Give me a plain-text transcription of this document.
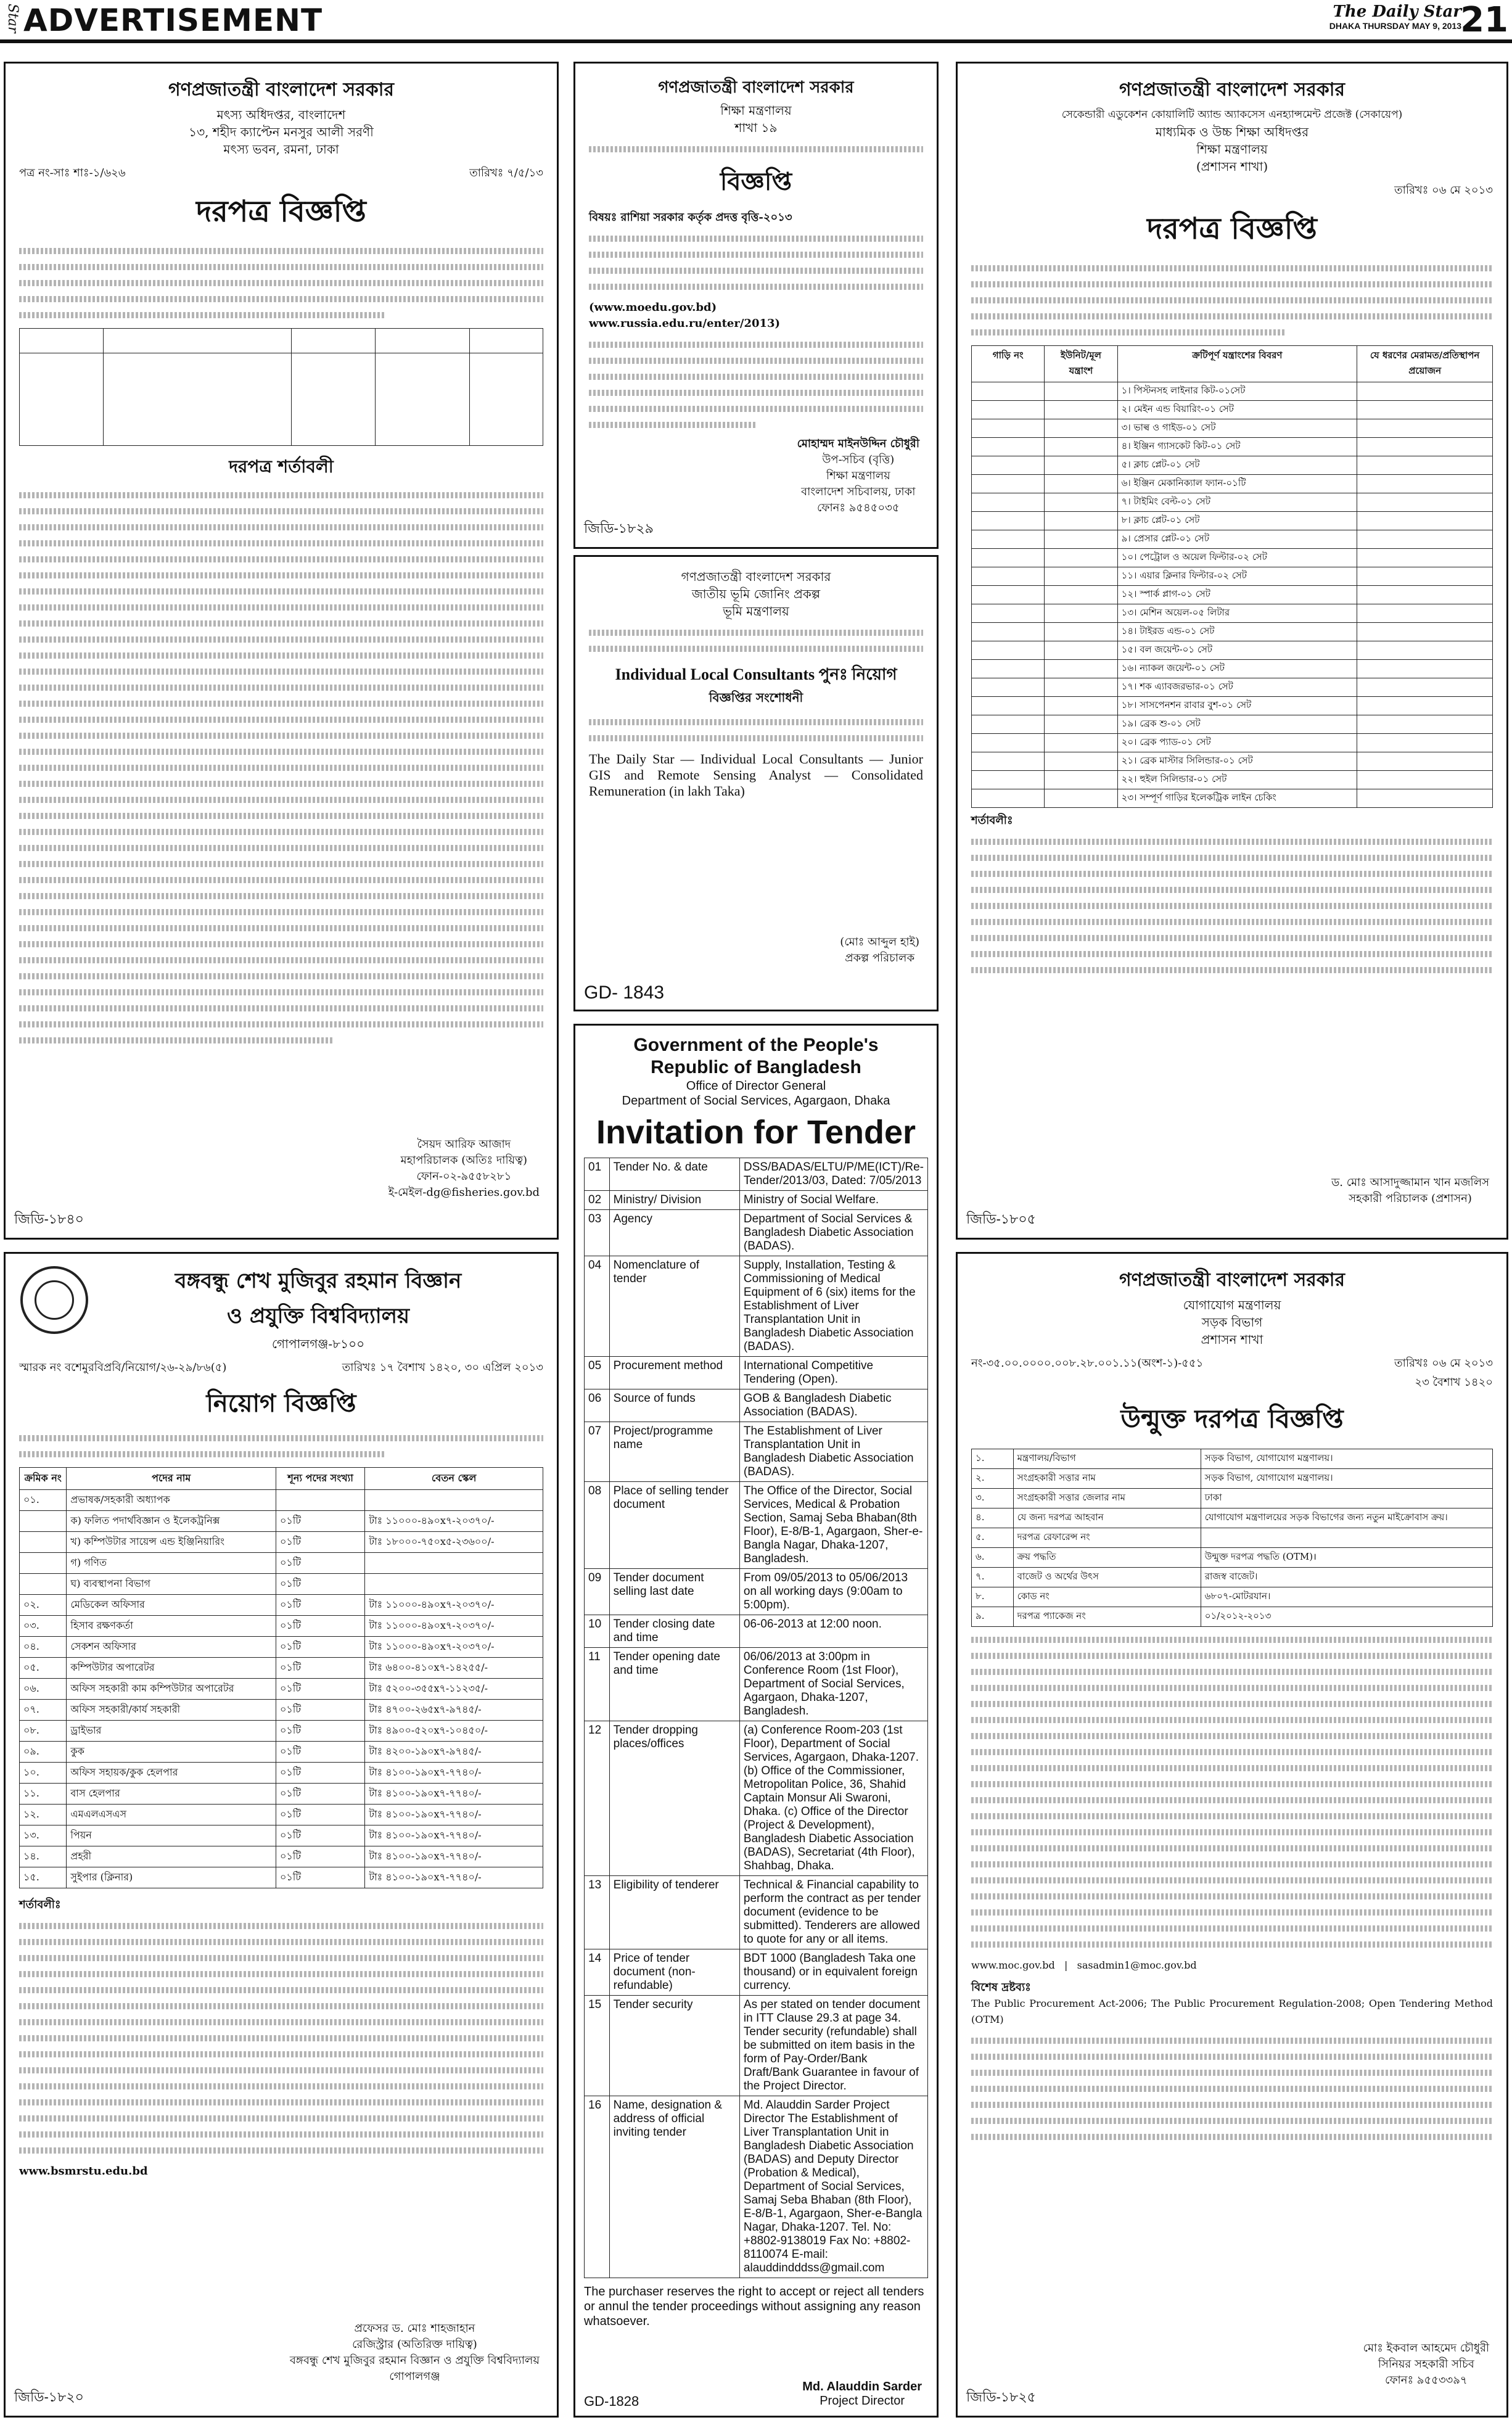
Star ADVERTISEMENT	The Daily Star
DHAKA THURSDAY MAY 9, 2013
21
গণপ্রজাতন্ত্রী বাংলাদেশ সরকার
মৎস্য অধিদপ্তর, বাংলাদেশ
১৩, শহীদ ক্যাপ্টেন মনসুর আলী সরণী
মৎস্য ভবন, রমনা, ঢাকা
পত্র নং-সাঃ শাঃ-১/৬২৬	তারিখঃ ৭/৫/১৩
দরপত্র বিজ্ঞপ্তি

দরপত্র শর্তাবলী
সৈয়দ আরিফ আজাদ
মহাপরিচালক (অতিঃ দায়িত্ব)
ফোন-০২-৯৫৫৮২৮১
ই-মেইল-dg@fisheries.gov.bd
জিডি-১৮৪০
গণপ্রজাতন্ত্রী বাংলাদেশ সরকার
শিক্ষা মন্ত্রণালয়
শাখা ১৯
বিজ্ঞপ্তি
বিষয়ঃ রাশিয়া সরকার কর্তৃক প্রদত্ত বৃত্তি-২০১৩
(www.moedu.gov.bd)
www.russia.edu.ru/enter/2013)
মোহাম্মদ মাইনউদ্দিন চৌধুরী
উপ-সচিব (বৃত্তি)
শিক্ষা মন্ত্রণালয়
বাংলাদেশ সচিবালয়, ঢাকা
ফোনঃ ৯৫৪৫০৩৫
জিডি-১৮২৯
গণপ্রজাতন্ত্রী বাংলাদেশ সরকার
জাতীয় ভূমি জোনিং প্রকল্প
ভূমি মন্ত্রণালয়
Individual Local Consultants পুনঃ নিয়োগ
বিজ্ঞপ্তির সংশোধনী
The Daily Star — Individual Local Consultants — Junior GIS and Remote Sensing Analyst — Consolidated Remuneration (in lakh Taka)
(মোঃ আব্দুল হাই)
প্রকল্প পরিচালক
GD- 1843
গণপ্রজাতন্ত্রী বাংলাদেশ সরকার
সেকেন্ডারী এডুকেশন কোয়ালিটি অ্যান্ড অ্যাকসেস এনহ্যান্সমেন্ট প্রজেক্ট (সেকায়েপ)
মাধ্যমিক ও উচ্চ শিক্ষা অধিদপ্তর
শিক্ষা মন্ত্রণালয়
(প্রশাসন শাখা)
তারিখঃ ০৬ মে ২০১৩
দরপত্র বিজ্ঞপ্তি
গাড়ি নং	ইউনিট/মূল যন্ত্রাংশ	ক্রটিপূর্ণ যন্ত্রাংশের বিবরণ	যে ধরণের মেরামত/প্রতিস্থাপন প্রয়োজন
		১। পিস্টনসহ লাইনার কিট-০১সেট	
		২। মেইন এন্ড বিয়ারিং-০১ সেট	
		৩। ভাল্ব ও গাইড-০১ সেট	
		৪। ইঞ্জিন গ্যাসকেট কিট-০১ সেট	
		৫। ক্লাচ প্লেট-০১ সেট	
		৬। ইঞ্জিন মেকানিক্যাল ফ্যান-০১টি	
		৭। টাইমিং বেল্ট-০১ সেট	
		৮। ক্লাচ প্লেট-০১ সেট	
		৯। প্রেসার প্লেট-০১ সেট	
		১০। পেট্রোল ও অয়েল ফিল্টার-০২ সেট	
		১১। এয়ার ক্লিনার ফিল্টার-০২ সেট	
		১২। স্পার্ক প্লাগ-০১ সেট	
		১৩। মেশিন অয়েল-০৫ লিটার	
		১৪। টাইরড এন্ড-০১ সেট	
		১৫। বল জয়েন্ট-০১ সেট	
		১৬। ন্যাকল জয়েন্ট-০১ সেট	
		১৭। শক এ্যাবজরভার-০১ সেট	
		১৮। সাসপেনশন রাবার বুশ-০১ সেট	
		১৯। ব্রেক শু-০১ সেট	
		২০। ব্রেক প্যাড-০১ সেট	
		২১। ব্রেক মাস্টার সিলিন্ডার-০১ সেট	
		২২। হুইল সিলিন্ডার-০১ সেট	
		২৩। সম্পূর্ণ গাড়ির ইলেকট্রিক লাইন চেকিং	
শর্তাবলীঃ
ড. মোঃ আসাদুজ্জামান খান মজলিস
সহকারী পরিচালক (প্রশাসন)
জিডি-১৮০৫
বঙ্গবন্ধু শেখ মুজিবুর রহমান বিজ্ঞান
ও প্রযুক্তি বিশ্ববিদ্যালয়
গোপালগঞ্জ-৮১০০
স্মারক নং বশেমুরবিপ্রবি/নিয়োগ/২৬-২৯/৮৬(৫)	তারিখঃ ১৭ বৈশাখ ১৪২০, ৩০ এপ্রিল ২০১৩
নিয়োগ বিজ্ঞপ্তি
ক্রমিক নং	পদের নাম	শূন্য পদের সংখ্যা	বেতন স্কেল
০১.	প্রভাষক/সহকারী অধ্যাপক		
	ক) ফলিত পদার্থবিজ্ঞান ও ইলেকট্রনিক্স	০১টি	টাঃ ১১০০০-৪৯০x৭-২০৩৭০/-
	খ) কম্পিউটার সায়েন্স এন্ড ইঞ্জিনিয়ারিং	০১টি	টাঃ ১৮০০০-৭৫০x৫-২৩৬০০/-
	গ) গণিত	০১টি	
	ঘ) ব্যবস্থাপনা বিভাগ	০১টি	
০২.	মেডিকেল অফিসার	০১টি	টাঃ ১১০০০-৪৯০x৭-২০৩৭০/-
০৩.	হিসাব রক্ষণকর্তা	০১টি	টাঃ ১১০০০-৪৯০x৭-২০৩৭০/-
০৪.	সেকশন অফিসার	০১টি	টাঃ ১১০০০-৪৯০x৭-২০৩৭০/-
০৫.	কম্পিউটার অপারেটর	০১টি	টাঃ ৬৪০০-৪১০x৭-১৪২৫৫/-
০৬.	অফিস সহকারী কাম কম্পিউটার অপারেটর	০১টি	টাঃ ৫২০০-৩৫৫x৭-১১২৩৫/-
০৭.	অফিস সহকারী/কার্য সহকারী	০১টি	টাঃ ৪৭০০-২৬৫x৭-৯৭৪৫/-
০৮.	ড্রাইভার	০১টি	টাঃ ৪৯০০-৫২০x৭-১০৪৫০/-
০৯.	কুক	০১টি	টাঃ ৪২০০-১৯০x৭-৯৭৪৫/-
১০.	অফিস সহায়ক/কুক হেলপার	০১টি	টাঃ ৪১০০-১৯০x৭-৭৭৪০/-
১১.	বাস হেলপার	০১টি	টাঃ ৪১০০-১৯০x৭-৭৭৪০/-
১২.	এমএলএসএস	০১টি	টাঃ ৪১০০-১৯০x৭-৭৭৪০/-
১৩.	পিয়ন	০১টি	টাঃ ৪১০০-১৯০x৭-৭৭৪০/-
১৪.	প্রহরী	০১টি	টাঃ ৪১০০-১৯০x৭-৭৭৪০/-
১৫.	সুইপার (ক্লিনার)	০১টি	টাঃ ৪১০০-১৯০x৭-৭৭৪০/-
শর্তাবলীঃ
www.bsmrstu.edu.bd
প্রফেসর ড. মোঃ শাহজাহান
রেজিস্ট্রার (অতিরিক্ত দায়িত্ব)
বঙ্গবন্ধু শেখ মুজিবুর রহমান বিজ্ঞান ও প্রযুক্তি বিশ্ববিদ্যালয়
গোপালগঞ্জ
জিডি-১৮২০
Government of the People's
Republic of Bangladesh
Office of Director General
Department of Social Services, Agargaon, Dhaka
Invitation for Tender
01	Tender No. & date	DSS/BADAS/ELTU/P/ME(ICT)/Re-Tender/2013/03, Dated: 7/05/2013
02	Ministry/ Division	Ministry of Social Welfare.
03	Agency	Department of Social Services & Bangladesh Diabetic Association (BADAS).
04	Nomenclature of tender	Supply, Installation, Testing & Commissioning of Medical Equipment of 6 (six) items for the Establishment of Liver Transplantation Unit in Bangladesh Diabetic Association (BADAS).
05	Procurement method	International Competitive Tendering (Open).
06	Source of funds	GOB & Bangladesh Diabetic Association (BADAS).
07	Project/programme name	The Establishment of Liver Transplantation Unit in Bangladesh Diabetic Association (BADAS).
08	Place of selling tender document	The Office of the Director, Social Services, Medical & Probation Section, Samaj Seba Bhaban(8th Floor), E-8/B-1, Agargaon, Sher-e-Bangla Nagar, Dhaka-1207, Bangladesh.
09	Tender document selling last date	From 09/05/2013 to 05/06/2013 on all working days (9:00am to 5:00pm).
10	Tender closing date and time	06-06-2013 at 12:00 noon.
11	Tender opening date and time	06/06/2013 at 3:00pm in Conference Room (1st Floor), Department of Social Services, Agargaon, Dhaka-1207, Bangladesh.
12	Tender dropping places/offices	(a) Conference Room-203 (1st Floor), Department of Social Services, Agargaon, Dhaka-1207. (b) Office of the Commissioner, Metropolitan Police, 36, Shahid Captain Monsur Ali Swaroni, Dhaka. (c) Office of the Director (Project & Development), Bangladesh Diabetic Association (BADAS), Secretariat (4th Floor), Shahbag, Dhaka.
13	Eligibility of tenderer	Technical & Financial capability to perform the contract as per tender document (evidence to be submitted). Tenderers are allowed to quote for any or all items.
14	Price of tender document (non-refundable)	BDT 1000 (Bangladesh Taka one thousand) or in equivalent foreign currency.
15	Tender security	As per stated on tender document in ITT Clause 29.3 at page 34. Tender security (refundable) shall be submitted on item basis in the form of Pay-Order/Bank Draft/Bank Guarantee in favour of the Project Director.
16	Name, designation & address of official inviting tender	Md. Alauddin Sarder Project Director The Establishment of Liver Transplantation Unit in Bangladesh Diabetic Association (BADAS) and Deputy Director (Probation & Medical), Department of Social Services, Samaj Seba Bhaban (8th Floor), E-8/B-1, Agargaon, Sher-e-Bangla Nagar, Dhaka-1207. Tel. No: +8802-9138019 Fax No: +8802-8110074 E-mail: alauddindddss@gmail.com
The purchaser reserves the right to accept or reject all tenders or annul the tender proceedings without assigning any reason whatsoever.
Md. Alauddin Sarder
Project Director
GD-1828
গণপ্রজাতন্ত্রী বাংলাদেশ সরকার
যোগাযোগ মন্ত্রণালয়
সড়ক বিভাগ
প্রশাসন শাখা
নং-৩৫.০০.০০০০.০০৮.২৮.০০১.১১(অংশ-১)-৫৫১	তারিখঃ ০৬ মে ২০১৩
২৩ বৈশাখ ১৪২০
উন্মুক্ত দরপত্র বিজ্ঞপ্তি
১.	মন্ত্রণালয়/বিভাগ	সড়ক বিভাগ, যোগাযোগ মন্ত্রণালয়।
২.	সংগ্রহকারী সত্তার নাম	সড়ক বিভাগ, যোগাযোগ মন্ত্রণালয়।
৩.	সংগ্রহকারী সত্তার জেলার নাম	ঢাকা
৪.	যে জন্য দরপত্র আহবান	যোগাযোগ মন্ত্রণালয়ের সড়ক বিভাগের জন্য নতুন মাইক্রোবাস ক্রয়।
৫.	দরপত্র রেফারেন্স নং	
৬.	ক্রয় পদ্ধতি	উন্মুক্ত দরপত্র পদ্ধতি (OTM)।
৭.	বাজেট ও অর্থের উৎস	রাজস্ব বাজেট।
৮.	কোড নং	৬৮০৭-মোটরযান।
৯.	দরপত্র প্যাকেজ নং	০১/২০১২-২০১৩
www.moc.gov.bd   |   sasadmin1@moc.gov.bd
বিশেষ দ্রষ্টব্যঃ
The Public Procurement Act-2006; The Public Procurement Regulation-2008; Open Tendering Method (OTM)
মোঃ ইকবাল আহমেদ চৌধুরী
সিনিয়র সহকারী সচিব
ফোনঃ ৯৫৫৩৩৯৭
জিডি-১৮২৫
